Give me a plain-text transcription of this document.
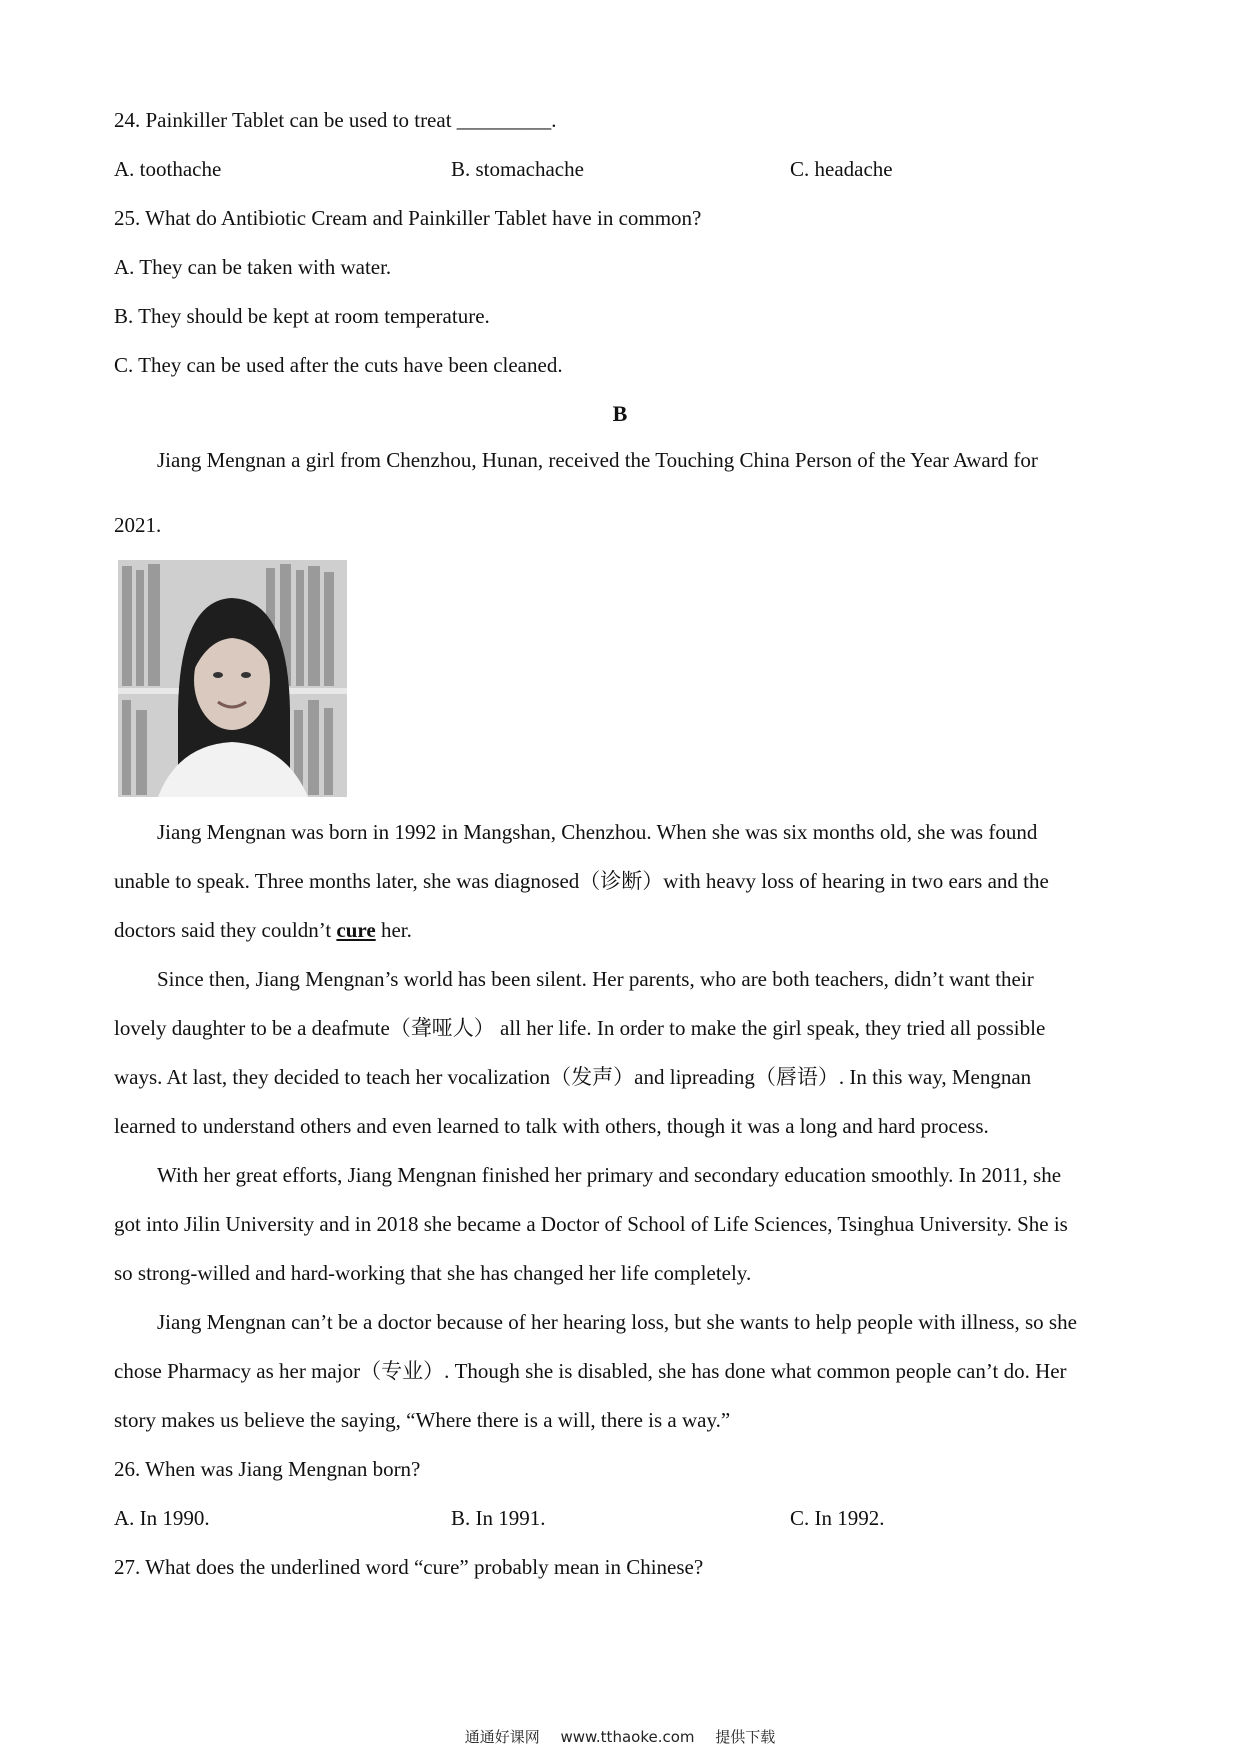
24. Painkiller Tablet can be used to treat _________.

A. toothache	B. stomachache	C. headache

25. What do Antibiotic Cream and Painkiller Tablet have in common?

A. They can be taken with water.

B. They should be kept at room temperature.

C. They can be used after the cuts have been cleaned.

B

Jiang Mengnan a girl from Chenzhou, Hunan, received the Touching China Person of the Year Award for

2021.

Jiang Mengnan was born in 1992 in Mangshan, Chenzhou. When she was six months old, she was found

unable to speak. Three months later, she was diagnosed（诊断）with heavy loss of hearing in two ears and the

doctors said they couldn’t cure her.

Since then, Jiang Mengnan’s world has been silent. Her parents, who are both teachers, didn’t want their

lovely daughter to be a deafmute（聋哑人） all her life. In order to make the girl speak, they tried all possible

ways. At last, they decided to teach her vocalization（发声）and lipreading（唇语）. In this way, Mengnan

learned to understand others and even learned to talk with others, though it was a long and hard process.

With her great efforts, Jiang Mengnan finished her primary and secondary education smoothly. In 2011, she

got into Jilin University and in 2018 she became a Doctor of School of Life Sciences, Tsinghua University. She is

so strong-willed and hard-working that she has changed her life completely.

Jiang Mengnan can’t be a doctor because of her hearing loss, but she wants to help people with illness, so she

chose Pharmacy as her major（专业）. Though she is disabled, she has done what common people can’t do. Her

story makes us believe the saying, “Where there is a will, there is a way.”

26. When was Jiang Mengnan born?

A. In 1990.	B. In 1991.	C. In 1992.

27. What does the underlined word “cure” probably mean in Chinese?

通通好课网 www.tthaoke.com 提供下载
